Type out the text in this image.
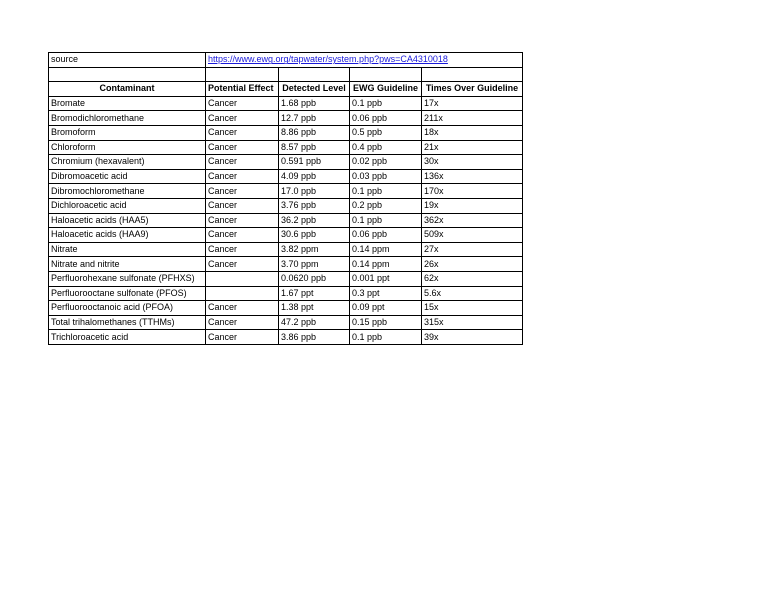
source	https://www.ewg.org/tapwater/system.php?pws=CA4310018			

Contaminant	Potential Effect	Detected Level	EWG Guideline	Times Over Guideline
Bromate	Cancer	1.68 ppb	0.1 ppb	17x
Bromodichloromethane	Cancer	12.7 ppb	0.06 ppb	211x
Bromoform	Cancer	8.86 ppb	0.5 ppb	18x
Chloroform	Cancer	8.57 ppb	0.4 ppb	21x
Chromium (hexavalent)	Cancer	0.591 ppb	0.02 ppb	30x
Dibromoacetic acid	Cancer	4.09 ppb	0.03 ppb	136x
Dibromochloromethane	Cancer	17.0 ppb	0.1 ppb	170x
Dichloroacetic acid	Cancer	3.76 ppb	0.2 ppb	19x
Haloacetic acids (HAA5)	Cancer	36.2 ppb	0.1 ppb	362x
Haloacetic acids (HAA9)	Cancer	30.6 ppb	0.06 ppb	509x
Nitrate	Cancer	3.82 ppm	0.14 ppm	27x
Nitrate and nitrite	Cancer	3.70 ppm	0.14 ppm	26x
Perfluorohexane sulfonate (PFHXS)		0.0620 ppb	0.001 ppt	62x
Perfluorooctane sulfonate (PFOS)		1.67 ppt	0.3 ppt	5.6x
Perfluorooctanoic acid (PFOA)	Cancer	1.38 ppt	0.09 ppt	15x
Total trihalomethanes (TTHMs)	Cancer	47.2 ppb	0.15 ppb	315x
Trichloroacetic acid	Cancer	3.86 ppb	0.1 ppb	39x
